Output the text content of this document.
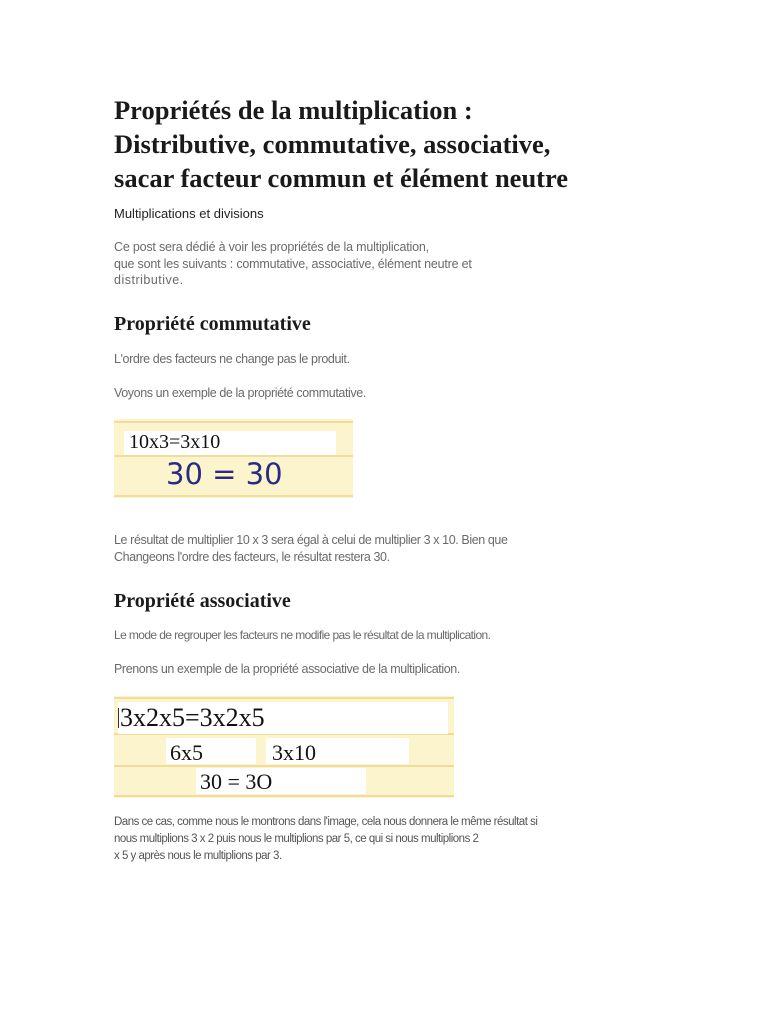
Propriétés de la multiplication :
Distributive, commutative, associative,
sacar facteur commun et élément neutre
Multiplications et divisions
Ce post sera dédié à voir les propriétés de la multiplication,
que sont les suivants : commutative, associative, élément neutre et
distributive.
Propriété commutative
L'ordre des facteurs ne change pas le produit.
Voyons un exemple de la propriété commutative.
10x3=3x10
30 = 30
Le résultat de multiplier 10 x 3 sera égal à celui de multiplier 3 x 10. Bien que
Changeons l'ordre des facteurs, le résultat restera 30.
Propriété associative
Le mode de regrouper les facteurs ne modifie pas le résultat de la multiplication.
Prenons un exemple de la propriété associative de la multiplication.
3x2x5=3x2x5
6x5	3x10
30 = 3O
Dans ce cas, comme nous le montrons dans l'image, cela nous donnera le même résultat si
nous multiplions 3 x 2 puis nous le multiplions par 5, ce qui si nous multiplions 2
x 5 y après nous le multiplions par 3.
